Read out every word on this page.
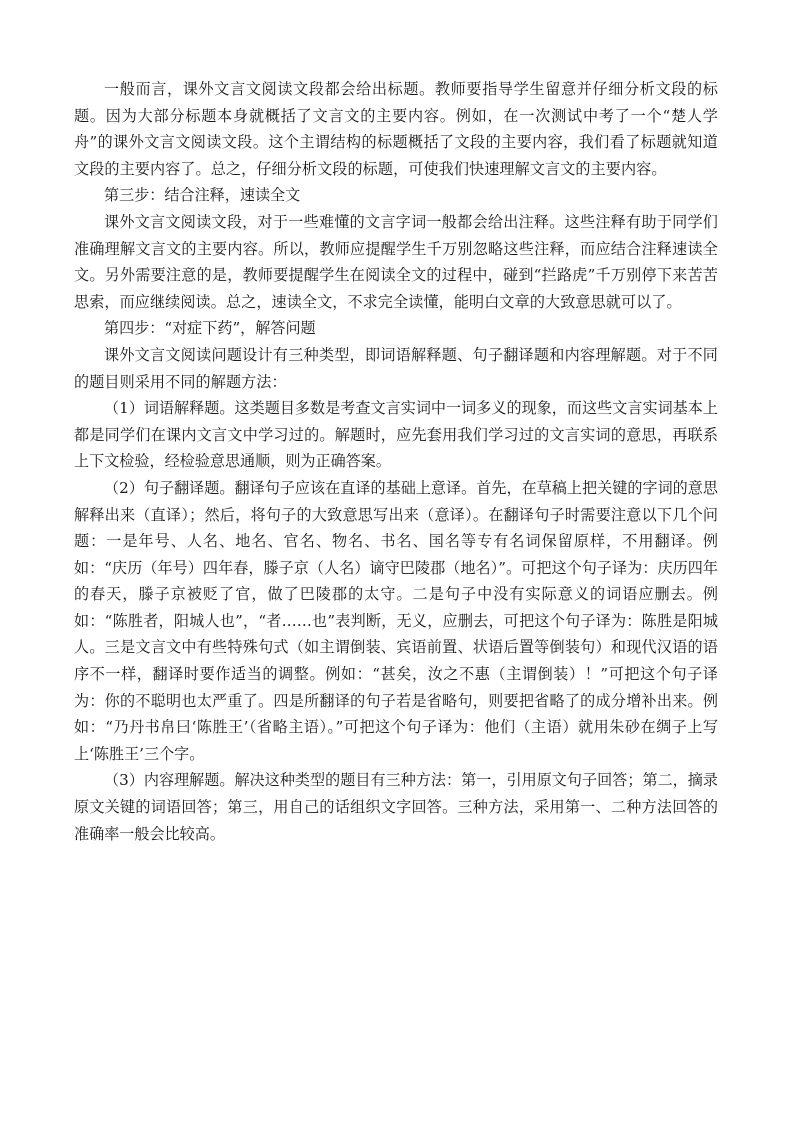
一般而言，课外文言文阅读文段都会给出标题。教师要指导学生留意并仔细分析文段的标题。因为大部分标题本身就概括了文言文的主要内容。例如，在一次测试中考了一个“楚人学舟”的课外文言文阅读文段。这个主谓结构的标题概括了文段的主要内容，我们看了标题就知道文段的主要内容了。总之，仔细分析文段的标题，可使我们快速理解文言文的主要内容。

第三步：结合注释，速读全文

课外文言文阅读文段，对于一些难懂的文言字词一般都会给出注释。这些注释有助于同学们准确理解文言文的主要内容。所以，教师应提醒学生千万别忽略这些注释，而应结合注释速读全文。另外需要注意的是，教师要提醒学生在阅读全文的过程中，碰到“拦路虎”千万别停下来苦苦思索，而应继续阅读。总之，速读全文，不求完全读懂，能明白文章的大致意思就可以了。

第四步：“对症下药”，解答问题

课外文言文阅读问题设计有三种类型，即词语解释题、句子翻译题和内容理解题。对于不同的题目则采用不同的解题方法：

（1）词语解释题。这类题目多数是考查文言实词中一词多义的现象，而这些文言实词基本上都是同学们在课内文言文中学习过的。解题时，应先套用我们学习过的文言实词的意思，再联系上下文检验，经检验意思通顺，则为正确答案。

（2）句子翻译题。翻译句子应该在直译的基础上意译。首先，在草稿上把关键的字词的意思解释出来（直译）；然后，将句子的大致意思写出来（意译）。在翻译句子时需要注意以下几个问题：一是年号、人名、地名、官名、物名、书名、国名等专有名词保留原样，不用翻译。例如：“庆历（年号）四年春，滕子京（人名）谪守巴陵郡（地名）”。可把这个句子译为：庆历四年的春天，滕子京被贬了官，做了巴陵郡的太守。二是句子中没有实际意义的词语应删去。例如：“陈胜者，阳城人也”，“者……也”表判断，无义，应删去，可把这个句子译为：陈胜是阳城人。三是文言文中有些特殊句式（如主谓倒装、宾语前置、状语后置等倒装句）和现代汉语的语序不一样，翻译时要作适当的调整。例如：“甚矣，汝之不惠（主谓倒装）！”可把这个句子译为：你的不聪明也太严重了。四是所翻译的句子若是省略句，则要把省略了的成分增补出来。例如：“乃丹书帛曰‘陈胜王’（省略主语）。”可把这个句子译为：他们（主语）就用朱砂在绸子上写上‘陈胜王’三个字。

（3）内容理解题。解决这种类型的题目有三种方法：第一，引用原文句子回答；第二，摘录原文关键的词语回答；第三，用自己的话组织文字回答。三种方法，采用第一、二种方法回答的准确率一般会比较高。
